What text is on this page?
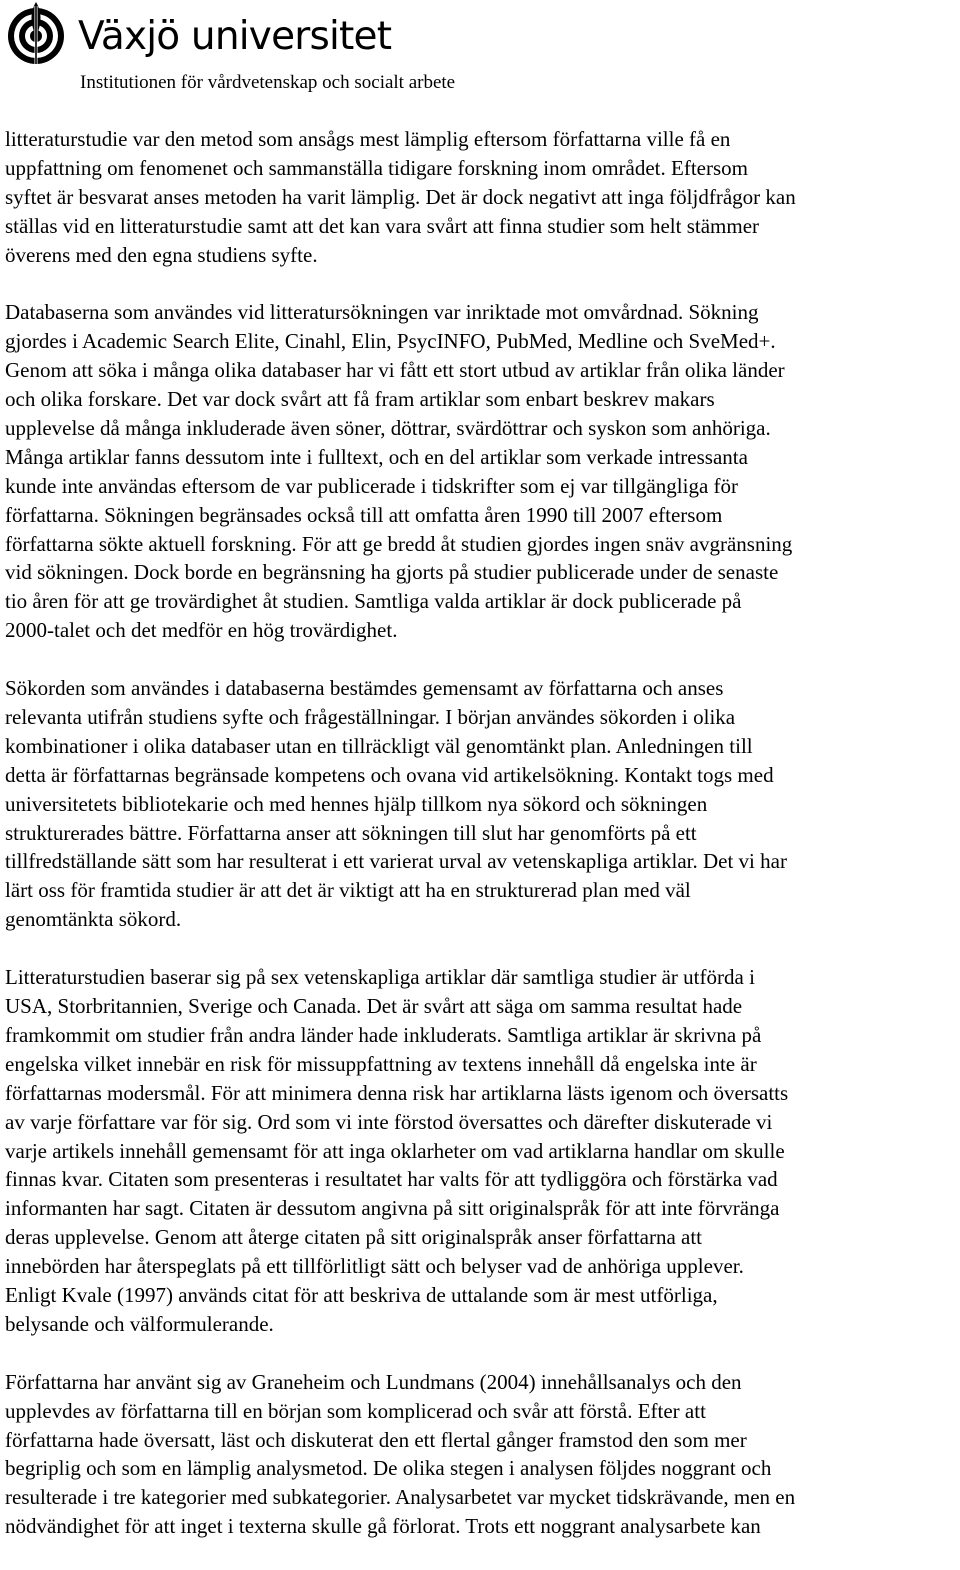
Växjö universitet
Institutionen för vårdvetenskap och socialt arbete

litteraturstudie var den metod som ansågs mest lämplig eftersom författarna ville få en
uppfattning om fenomenet och sammanställa tidigare forskning inom området. Eftersom
syftet är besvarat anses metoden ha varit lämplig. Det är dock negativt att inga följdfrågor kan
ställas vid en litteraturstudie samt att det kan vara svårt att finna studier som helt stämmer
överens med den egna studiens syfte.

Databaserna som användes vid litteratursökningen var inriktade mot omvårdnad. Sökning
gjordes i Academic Search Elite, Cinahl, Elin, PsycINFO, PubMed, Medline och SveMed+.
Genom att söka i många olika databaser har vi fått ett stort utbud av artiklar från olika länder
och olika forskare. Det var dock svårt att få fram artiklar som enbart beskrev makars
upplevelse då många inkluderade även söner, döttrar, svärdöttrar och syskon som anhöriga.
Många artiklar fanns dessutom inte i fulltext, och en del artiklar som verkade intressanta
kunde inte användas eftersom de var publicerade i tidskrifter som ej var tillgängliga för
författarna. Sökningen begränsades också till att omfatta åren 1990 till 2007 eftersom
författarna sökte aktuell forskning. För att ge bredd åt studien gjordes ingen snäv avgränsning
vid sökningen. Dock borde en begränsning ha gjorts på studier publicerade under de senaste
tio åren för att ge trovärdighet åt studien. Samtliga valda artiklar är dock publicerade på
2000-talet och det medför en hög trovärdighet.

Sökorden som användes i databaserna bestämdes gemensamt av författarna och anses
relevanta utifrån studiens syfte och frågeställningar. I början användes sökorden i olika
kombinationer i olika databaser utan en tillräckligt väl genomtänkt plan. Anledningen till
detta är författarnas begränsade kompetens och ovana vid artikelsökning. Kontakt togs med
universitetets bibliotekarie och med hennes hjälp tillkom nya sökord och sökningen
strukturerades bättre. Författarna anser att sökningen till slut har genomförts på ett
tillfredställande sätt som har resulterat i ett varierat urval av vetenskapliga artiklar. Det vi har
lärt oss för framtida studier är att det är viktigt att ha en strukturerad plan med väl
genomtänkta sökord.

Litteraturstudien baserar sig på sex vetenskapliga artiklar där samtliga studier är utförda i
USA, Storbritannien, Sverige och Canada. Det är svårt att säga om samma resultat hade
framkommit om studier från andra länder hade inkluderats. Samtliga artiklar är skrivna på
engelska vilket innebär en risk för missuppfattning av textens innehåll då engelska inte är
författarnas modersmål. För att minimera denna risk har artiklarna lästs igenom och översatts
av varje författare var för sig. Ord som vi inte förstod översattes och därefter diskuterade vi
varje artikels innehåll gemensamt för att inga oklarheter om vad artiklarna handlar om skulle
finnas kvar. Citaten som presenteras i resultatet har valts för att tydliggöra och förstärka vad
informanten har sagt. Citaten är dessutom angivna på sitt originalspråk för att inte förvränga
deras upplevelse. Genom att återge citaten på sitt originalspråk anser författarna att
innebörden har återspeglats på ett tillförlitligt sätt och belyser vad de anhöriga upplever.
Enligt Kvale (1997) används citat för att beskriva de uttalande som är mest utförliga,
belysande och välformulerande.

Författarna har använt sig av Graneheim och Lundmans (2004) innehållsanalys och den
upplevdes av författarna till en början som komplicerad och svår att förstå. Efter att
författarna hade översatt, läst och diskuterat den ett flertal gånger framstod den som mer
begriplig och som en lämplig analysmetod. De olika stegen i analysen följdes noggrant och
resulterade i tre kategorier med subkategorier. Analysarbetet var mycket tidskrävande, men en
nödvändighet för att inget i texterna skulle gå förlorat. Trots ett noggrant analysarbete kan
